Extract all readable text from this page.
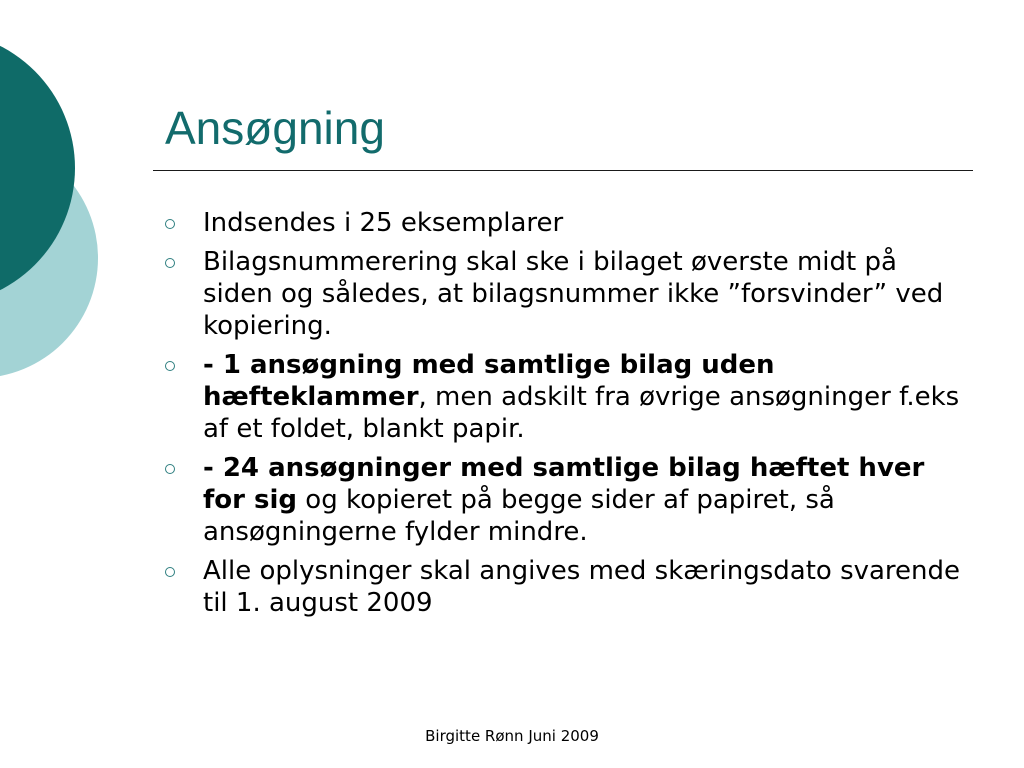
Ansøgning
Indsendes i 25 eksemplarer
Bilagsnummerering skal ske i bilaget øverste midt på siden og således, at bilagsnummer ikke ”forsvinder” ved kopiering.
- 1 ansøgning med samtlige bilag uden hæfteklammer, men adskilt fra øvrige ansøgninger f.eks af et foldet, blankt papir.
- 24 ansøgninger med samtlige bilag hæftet hver for sig og kopieret på begge sider af papiret, så ansøgningerne fylder mindre.
Alle oplysninger skal angives med skæringsdato svarende til 1. august 2009
Birgitte Rønn Juni 2009
